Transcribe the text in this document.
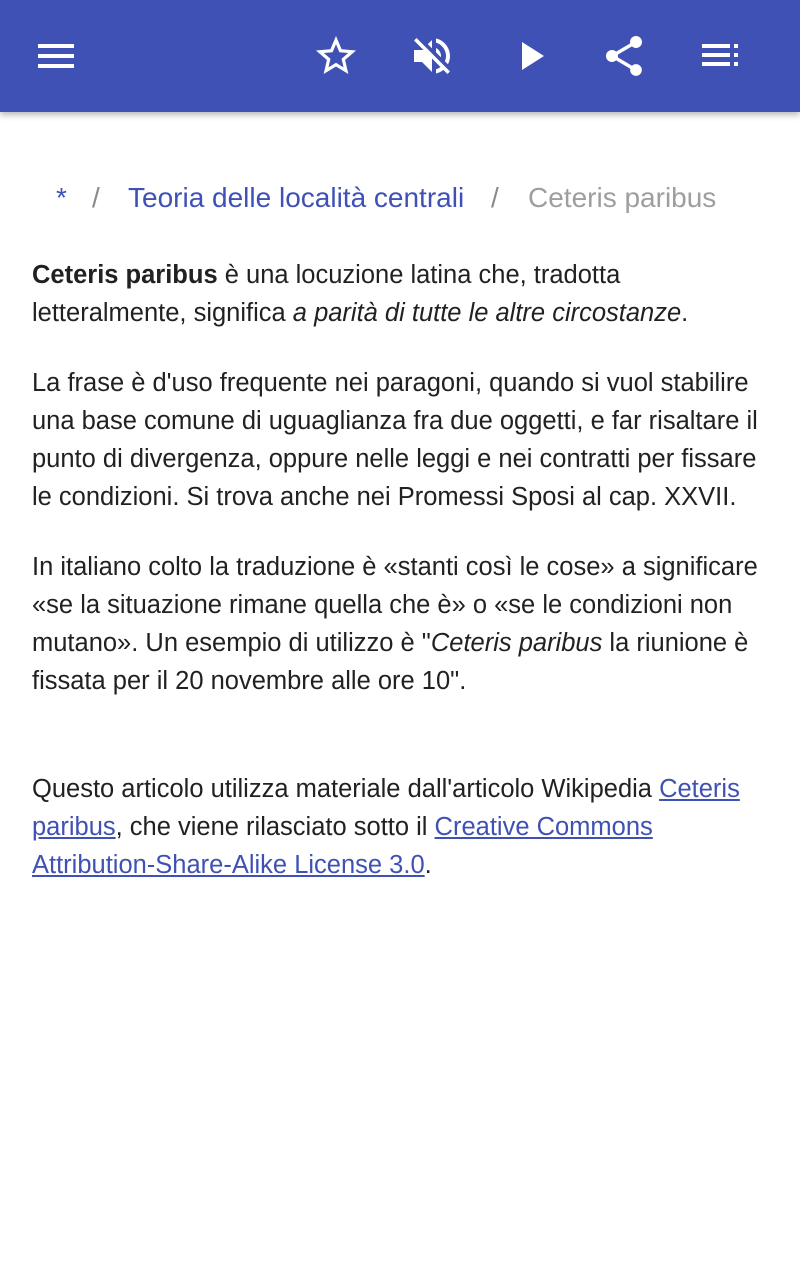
* / Teoria delle località centrali / Ceteris paribus

Ceteris paribus è una locuzione latina che, tradotta letteralmente, significa a parità di tutte le altre circostanze.

La frase è d'uso frequente nei paragoni, quando si vuol stabilire una base comune di uguaglianza fra due oggetti, e far risaltare il punto di divergenza, oppure nelle leggi e nei contratti per fissare le condizioni. Si trova anche nei Promessi Sposi al cap. XXVII.

In italiano colto la traduzione è «stanti così le cose» a significare «se la situazione rimane quella che è» o «se le condizioni non mutano». Un esempio di utilizzo è "Ceteris paribus la riunione è fissata per il 20 novembre alle ore 10".

Questo articolo utilizza materiale dall'articolo Wikipedia Ceteris paribus, che viene rilasciato sotto il Creative Commons Attribution-Share-Alike License 3.0.
